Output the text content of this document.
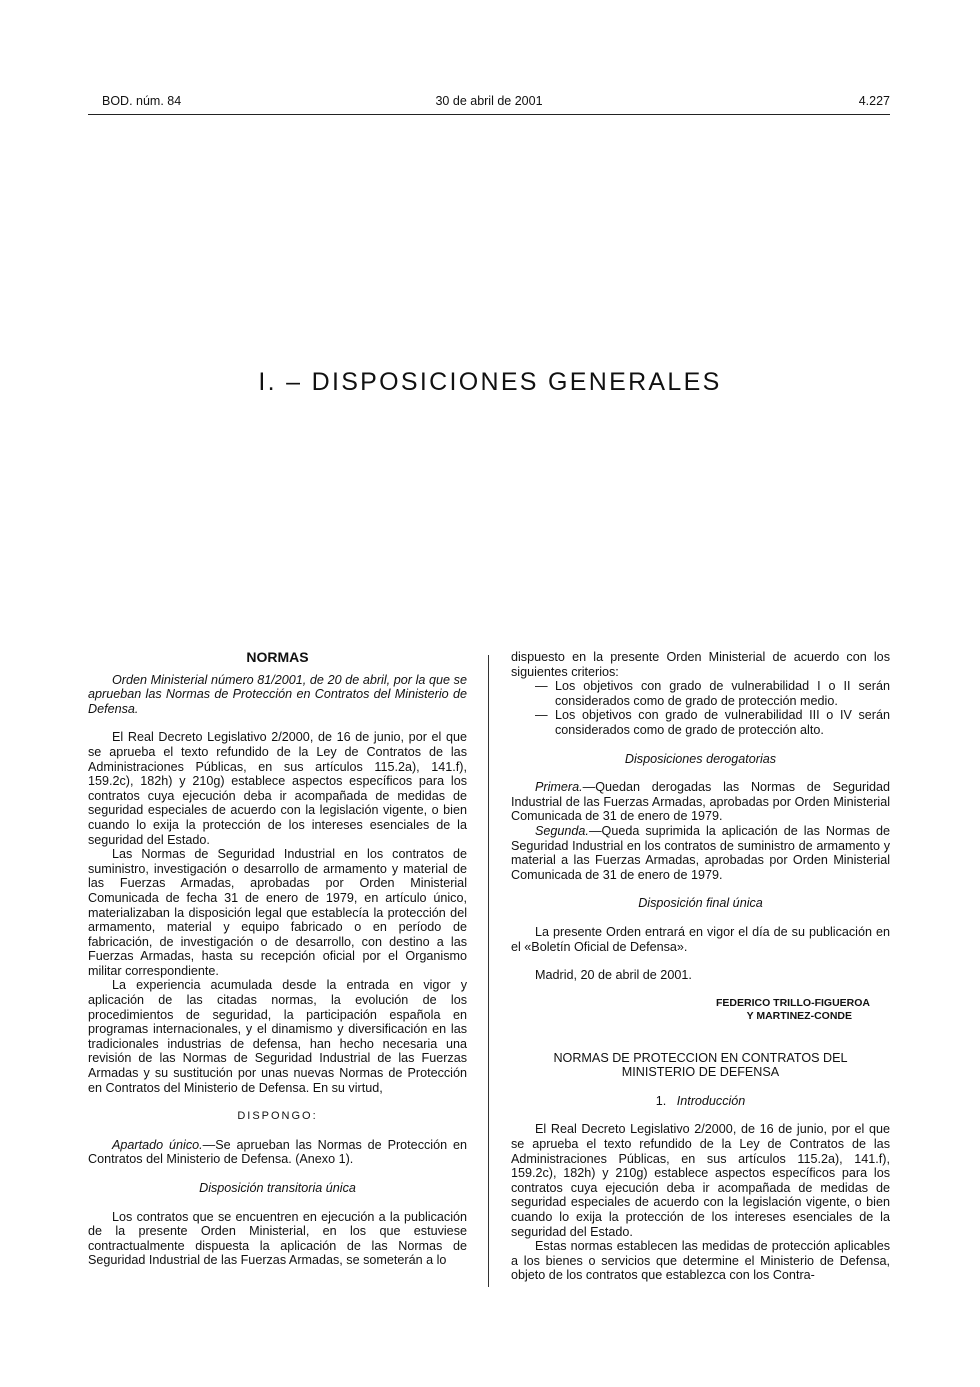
BOD. núm. 84	30 de abril de 2001	4.227
I. – DISPOSICIONES GENERALES

NORMAS

Orden Ministerial número 81/2001, de 20 de abril, por la que se aprueban las Normas de Protección en Contratos del Ministerio de Defensa.

El Real Decreto Legislativo 2/2000, de 16 de junio, por el que se aprueba el texto refundido de la Ley de Contratos de las Administraciones Públicas, en sus artículos 115.2a), 141.f), 159.2c), 182h) y 210g) establece aspectos específicos para los contratos cuya ejecución deba ir acompañada de medidas de seguridad especiales de acuerdo con la legislación vigente, o bien cuando lo exija la protección de los intereses esenciales de la seguridad del Estado.

Las Normas de Seguridad Industrial en los contratos de suministro, investigación o desarrollo de armamento y material de las Fuerzas Armadas, aprobadas por Orden Ministerial Comunicada de fecha 31 de enero de 1979, en artículo único, materializaban la disposición legal que establecía la protección del armamento, material y equipo fabricado o en período de fabricación, de investigación o de desarrollo, con destino a las Fuerzas Armadas, hasta su recepción oficial por el Organismo militar correspondiente.

La experiencia acumulada desde la entrada en vigor y aplicación de las citadas normas, la evolución de los procedimientos de seguridad, la participación española en programas internacionales, y el dinamismo y diversificación en las tradicionales industrias de defensa, han hecho necesaria una revisión de las Normas de Seguridad Industrial de las Fuerzas Armadas y su sustitución por unas nuevas Normas de Protección en Contratos del Ministerio de Defensa. En su virtud,

DISPONGO:

Apartado único.—Se aprueban las Normas de Protección en Contratos del Ministerio de Defensa. (Anexo 1).

Disposición transitoria única

Los contratos que se encuentren en ejecución a la publicación de la presente Orden Ministerial, en los que estuviese contractualmente dispuesta la aplicación de las Normas de Seguridad Industrial de las Fuerzas Armadas, se someterán a lo

dispuesto en la presente Orden Ministerial de acuerdo con los siguientes criterios:

— Los objetivos con grado de vulnerabilidad I o II serán considerados como de grado de protección medio.

— Los objetivos con grado de vulnerabilidad III o IV serán considerados como de grado de protección alto.

Disposiciones derogatorias

Primera.—Quedan derogadas las Normas de Seguridad Industrial de las Fuerzas Armadas, aprobadas por Orden Ministerial Comunicada de 31 de enero de 1979.

Segunda.—Queda suprimida la aplicación de las Normas de Seguridad Industrial en los contratos de suministro de armamento y material a las Fuerzas Armadas, aprobadas por Orden Ministerial Comunicada de 31 de enero de 1979.

Disposición final única

La presente Orden entrará en vigor el día de su publicación en el «Boletín Oficial de Defensa».

Madrid, 20 de abril de 2001.

FEDERICO TRILLO-FIGUEROA
Y MARTINEZ-CONDE

NORMAS DE PROTECCION EN CONTRATOS DEL

MINISTERIO DE DEFENSA

1. Introducción

El Real Decreto Legislativo 2/2000, de 16 de junio, por el que se aprueba el texto refundido de la Ley de Contratos de las Administraciones Públicas, en sus artículos 115.2a), 141.f), 159.2c), 182h) y 210g) establece aspectos específicos para los contratos cuya ejecución deba ir acompañada de medidas de seguridad especiales de acuerdo con la legislación vigente, o bien cuando lo exija la protección de los intereses esenciales de la seguridad del Estado.

Estas normas establecen las medidas de protección aplicables a los bienes o servicios que determine el Ministerio de Defensa, objeto de los contratos que establezca con los Contra-
